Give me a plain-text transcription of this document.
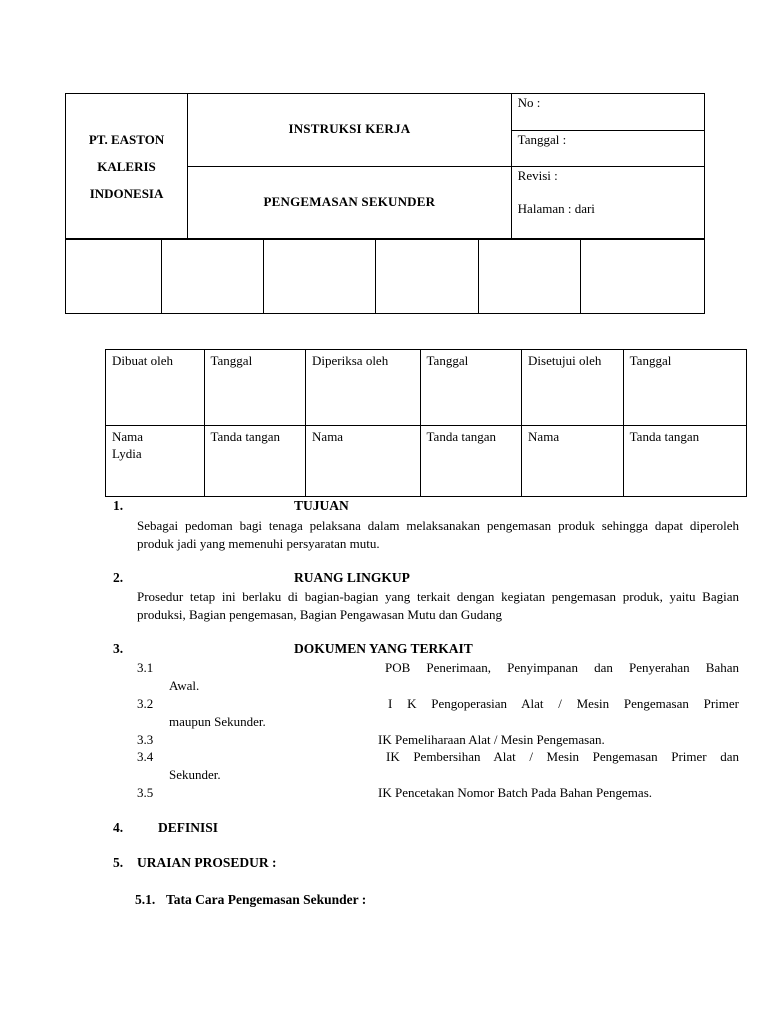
PT. EASTON
KALERIS
INDONESIA	INSTRUKSI KERJA	No :

		Tanggal :

	PENGEMASAN SEKUNDER	Revisi :
Halaman : dari

Dibuat oleh	Tanggal	Diperiksa oleh	Tanggal	Disetujui oleh	Tanggal

Nama
Lydia	Tanda tangan	Nama	Tanda tangan	Nama	Tanda tangan
1.	TUJUAN
Sebagai pedoman bagi tenaga pelaksana dalam melaksanakan pengemasan produk sehingga dapat diperoleh produk jadi yang memenuhi persyaratan mutu.
2.	RUANG LINGKUP
Prosedur tetap ini berlaku di bagian-bagian yang terkait dengan kegiatan pengemasan produk, yaitu Bagian produksi, Bagian pengemasan, Bagian Pengawasan Mutu dan Gudang
3.	DOKUMEN YANG TERKAIT
3.1	POB Penerimaan, Penyimpanan dan Penyerahan Bahan
Awal.
3.2	I K Pengoperasian Alat / Mesin Pengemasan Primer
maupun Sekunder.
3.3	IK Pemeliharaan Alat / Mesin Pengemasan.
3.4	IK Pembersihan Alat / Mesin Pengemasan Primer dan
Sekunder.
3.5	IK Pencetakan Nomor Batch Pada Bahan Pengemas.
4.	DEFINISI
5. URAIAN PROSEDUR :
5.1. Tata Cara Pengemasan Sekunder :
